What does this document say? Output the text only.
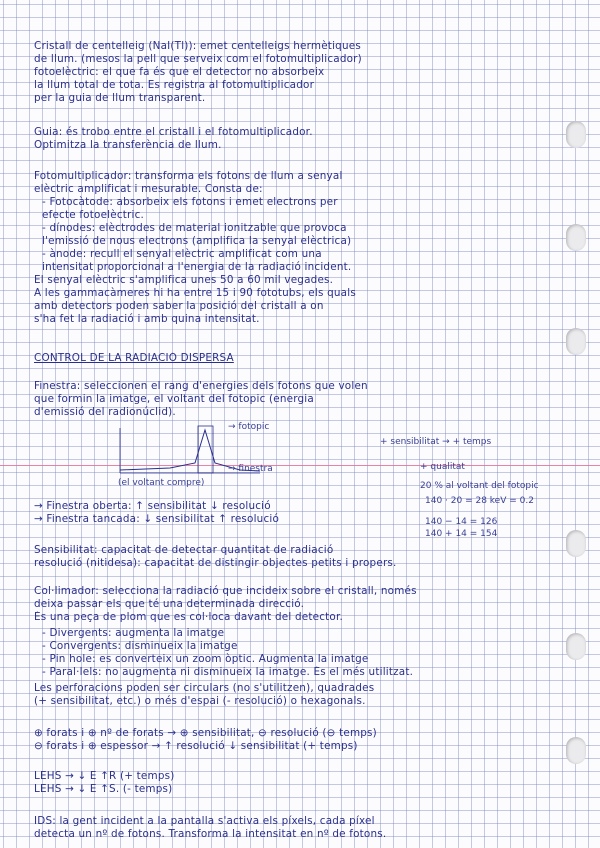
Cristall de centelleig (NaI(Tl)): emet centelleigs hermètiques
de llum. (mesos la pell que serveix com el fotomultiplicador)
fotoelèctric: el que fa és que el detector no absorbeix
la llum total de tota. Es registra al fotomultiplicador
per la guia de llum transparent.
Guia: és trobo entre el cristall i el fotomultiplicador.
Optimitza la transferència de llum.
Fotomultiplicador: transforma els fotons de llum a senyal
elèctric amplificat i mesurable. Consta de:
- Fotocàtode: absorbeix els fotons i emet electrons per
efecte fotoelèctric.
- dínodes: elèctrodes de material ionitzable que provoca
l'emissió de nous electrons (amplifica la senyal elèctrica)
- ànode: recull el senyal elèctric amplificat com una
intensitat proporcional a l'energia de la radiació incident.
El senyal elèctric s'amplifica unes 50 a 60 mil vegades.
A les gammacàmeres hi ha entre 15 i 90 fototubs, els quals
amb detectors poden saber la posició del cristall a on
s'ha fet la radiació i amb quina intensitat.
CONTROL DE LA RADIACIÓ DISPERSA
Finestra: seleccionen el rang d'energies dels fotons que volen
que formin la imatge, el voltant del fotopic (energia
d'emissió del radionúclid).
→ fotopic
→ finestra
(el voltant compre)
+ sensibilitat → + temps
+ qualitat
20 % al voltant del fotopic
140 · 20 = 28 keV = 0.2
140 − 14 = 126
140 + 14 = 154
→ Finestra oberta: ↑ sensibilitat ↓ resolució
→ Finestra tancada: ↓ sensibilitat ↑ resolució
Sensibilitat: capacitat de detectar quantitat de radiació
resolució (nitidesa): capacitat de distingir objectes petits i propers.
Col·limador: selecciona la radiació que incideix sobre el cristall, només
deixa passar els que té una determinada direcció.
És una peça de plom que es col·loca davant del detector.
- Divergents: augmenta la imatge
- Convergents: disminueix la imatge
- Pin hole: es converteix un zoom òptic. Augmenta la imatge
- Paral·lels: no augmenta ni disminueix la imatge. És el més utilitzat.
Les perforacions poden ser circulars (no s'utilitzen), quadrades
(+ sensibilitat, etc.) o més d'espai (- resolució) o hexagonals.
⊕ forats i ⊕ nº de forats → ⊕ sensibilitat, ⊖ resolució (⊖ temps)
⊖ forats i ⊕ espessor → ↑ resolució ↓ sensibilitat (+ temps)
LEHS → ↓ E ↑R (+ temps)
LEHS → ↓ E ↑S. (- temps)
IDS: la gent incident a la pantalla s'activa els píxels, cada píxel
detecta un nº de fotons. Transforma la intensitat en nº de fotons.
